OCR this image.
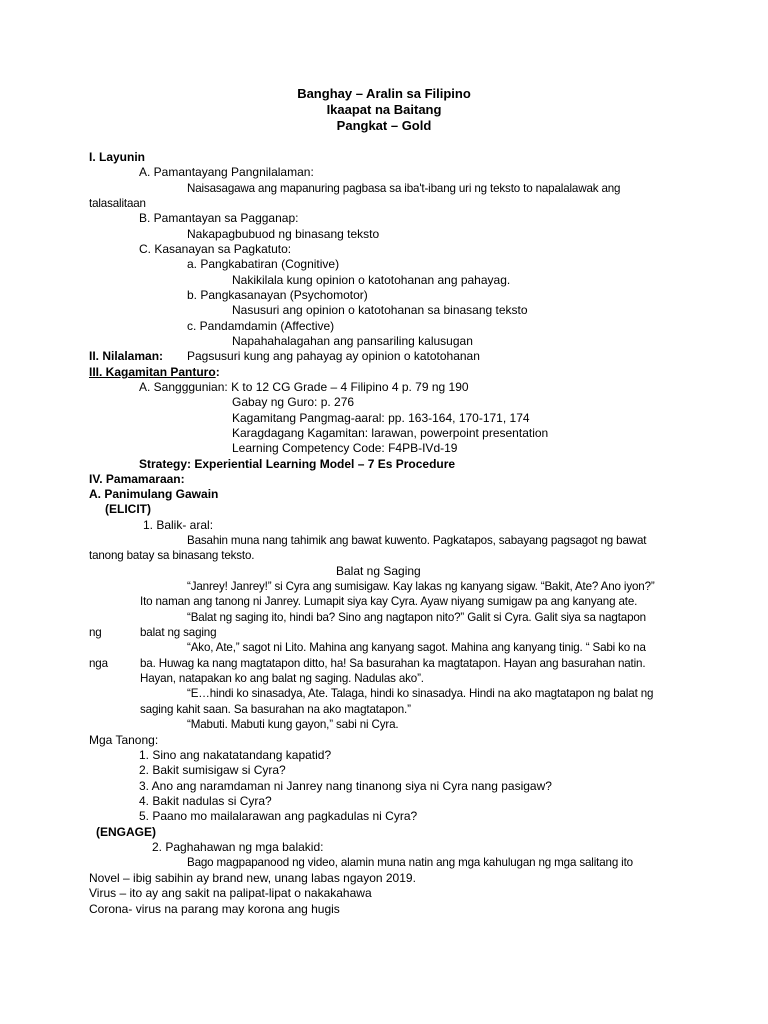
Banghay – Aralin sa Filipino
Ikaapat na Baitang
Pangkat – Gold
I. Layunin
A. Pamantayang Pangnilalaman:
Naisasagawa ang mapanuring pagbasa sa iba't-ibang uri ng teksto to napalalawak ang
talasalitaan
B. Pamantayan sa Pagganap:
Nakapagbubuod ng binasang teksto
C. Kasanayan sa Pagkatuto:
a. Pangkabatiran (Cognitive)
Nakikilala kung opinion o katotohanan ang pahayag.
b. Pangkasanayan (Psychomotor)
Nasusuri ang opinion o katotohanan sa binasang teksto
c. Pandamdamin (Affective)
Napahahalagahan ang pansariling kalusugan
II. Nilalaman: Pagsusuri kung ang pahayag ay opinion o katotohanan
III. Kagamitan Panturo:
A. Sangggunian: K to 12 CG Grade – 4 Filipino 4 p. 79 ng 190
Gabay ng Guro: p. 276
Kagamitang Pangmag-aaral: pp. 163-164, 170-171, 174
Karagdagang Kagamitan: larawan, powerpoint presentation
Learning Competency Code: F4PB-IVd-19
Strategy: Experiential Learning Model – 7 Es Procedure
IV. Pamamaraan:
A. Panimulang Gawain
(ELICIT)
1. Balik- aral:
Basahin muna nang tahimik ang bawat kuwento. Pagkatapos, sabayang pagsagot ng bawat
tanong batay sa binasang teksto.
Balat ng Saging
“Janrey! Janrey!” si Cyra ang sumisigaw. Kay lakas ng kanyang sigaw. “Bakit, Ate? Ano iyon?”
Ito naman ang tanong ni Janrey. Lumapit siya kay Cyra. Ayaw niyang sumigaw pa ang kanyang ate.
“Balat ng saging ito, hindi ba? Sino ang nagtapon nito?” Galit si Cyra. Galit siya sa nagtapon
ng	balat ng saging
“Ako, Ate,” sagot ni Lito. Mahina ang kanyang sagot. Mahina ang kanyang tinig. “ Sabi ko na
nga	ba. Huwag ka nang magtatapon ditto, ha! Sa basurahan ka magtatapon. Hayan ang basurahan natin.
Hayan, natapakan ko ang balat ng saging. Nadulas ako”.
“E…hindi ko sinasadya, Ate. Talaga, hindi ko sinasadya. Hindi na ako magtatapon ng balat ng
saging kahit saan. Sa basurahan na ako magtatapon.”
“Mabuti. Mabuti kung gayon,” sabi ni Cyra.
Mga Tanong:
1. Sino ang nakatatandang kapatid?
2. Bakit sumisigaw si Cyra?
3. Ano ang naramdaman ni Janrey nang tinanong siya ni Cyra nang pasigaw?
4. Bakit nadulas si Cyra?
5. Paano mo mailalarawan ang pagkadulas ni Cyra?
(ENGAGE)
2. Paghahawan ng mga balakid:
Bago magpapanood ng video, alamin muna natin ang mga kahulugan ng mga salitang ito
Novel – ibig sabihin ay brand new, unang labas ngayon 2019.
Virus – ito ay ang sakit na palipat-lipat o nakakahawa
Corona- virus na parang may korona ang hugis
